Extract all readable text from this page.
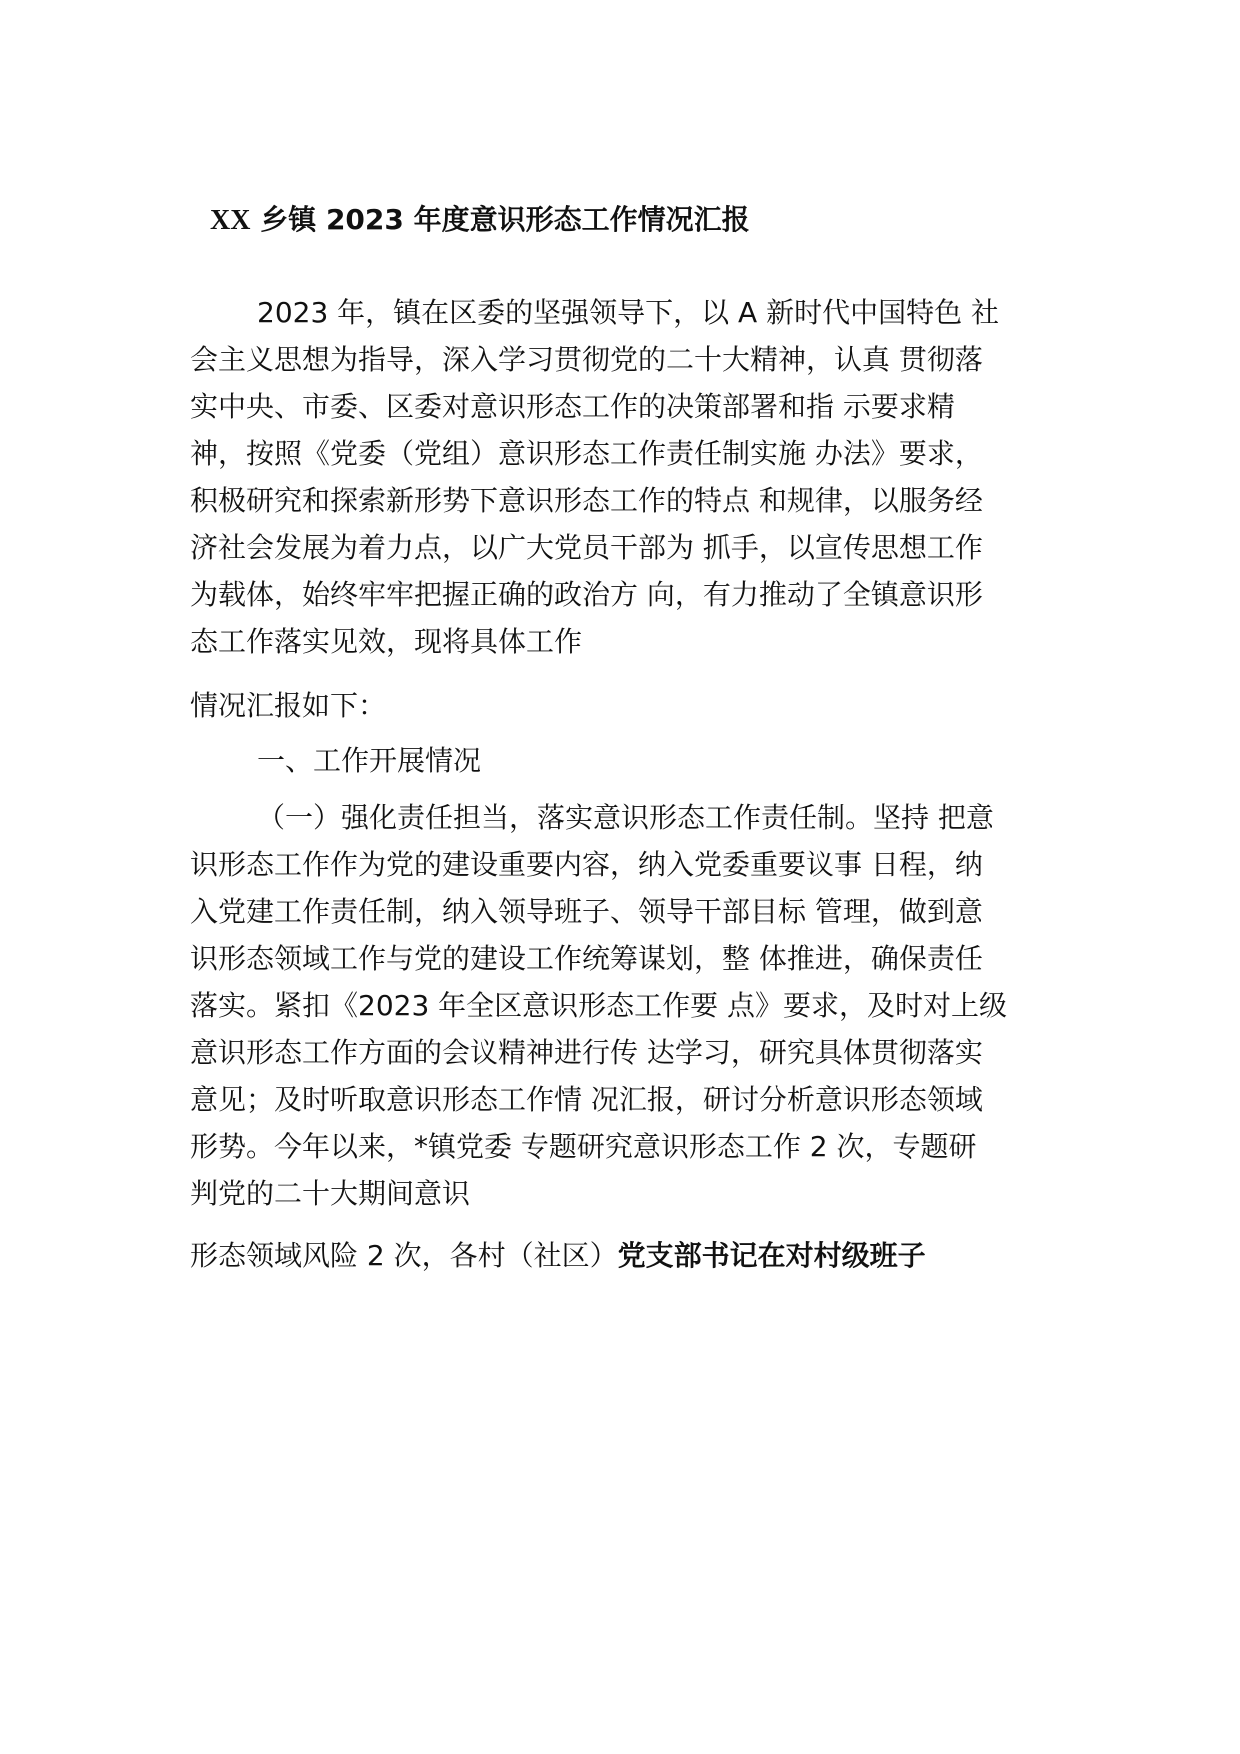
XX 乡镇 2023 年度意识形态工作情况汇报
2023 年，镇在区委的坚强领导下，以 A 新时代中国特色 社
会主义思想为指导，深入学习贯彻党的二十大精神，认真 贯彻落
实中央、市委、区委对意识形态工作的决策部署和指 示要求精
神，按照《党委（党组）意识形态工作责任制实施 办法》要求，
积极研究和探索新形势下意识形态工作的特点 和规律，以服务经
济社会发展为着力点，以广大党员干部为 抓手，以宣传思想工作
为载体，始终牢牢把握正确的政治方 向，有力推动了全镇意识形
态工作落实见效，现将具体工作
情况汇报如下：
一、工作开展情况
（一）强化责任担当，落实意识形态工作责任制。坚持 把意
识形态工作作为党的建设重要内容，纳入党委重要议事 日程，纳
入党建工作责任制，纳入领导班子、领导干部目标 管理，做到意
识形态领域工作与党的建设工作统筹谋划，整 体推进，确保责任
落实。紧扣《2023 年全区意识形态工作要 点》要求，及时对上级
意识形态工作方面的会议精神进行传 达学习，研究具体贯彻落实
意见；及时听取意识形态工作情 况汇报，研讨分析意识形态领域
形势。今年以来，*镇党委 专题研究意识形态工作 2 次，专题研
判党的二十大期间意识
形态领域风险 2 次，各村（社区）党支部书记在对村级班子
